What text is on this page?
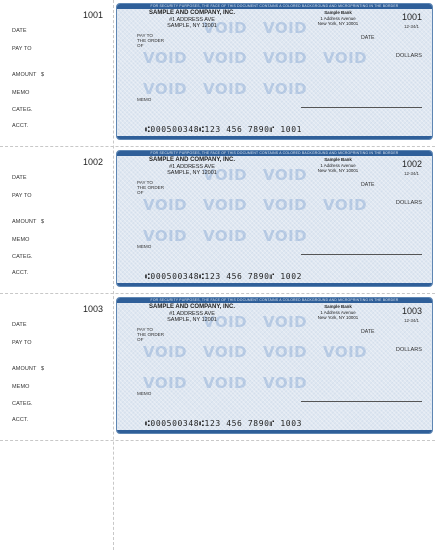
1001
DATE
PAY TO
AMOUNT $
MEMO
CATEG.
ACCT.
FOR SECURITY PURPOSES, THE FACE OF THIS DOCUMENT CONTAINS A COLORED BACKGROUND AND MICROPRINTING IN THE BORDER
VOID VOID VOID
VOID VOID
VOID VOID VOID
VOID
SAMPLE AND COMPANY, INC.
#1 ADDRESS AVE
SAMPLE, NY 12001
Sample Bank
1 Address Avenue
New York, NY 10001
1001
12-34/1
DATE
PAY TO
THE ORDER
OF
DOLLARS
MEMO
⑆000500348⑆123 456 7890⑈ 1001
1002
DATE
PAY TO
AMOUNT $
MEMO
CATEG.
ACCT.
FOR SECURITY PURPOSES, THE FACE OF THIS DOCUMENT CONTAINS A COLORED BACKGROUND AND MICROPRINTING IN THE BORDER
VOID VOID VOID
VOID VOID
VOID VOID VOID
VOID
SAMPLE AND COMPANY, INC.
#1 ADDRESS AVE
SAMPLE, NY 12001
Sample Bank
1 Address Avenue
New York, NY 10001
1002
12-34/1
DATE
PAY TO
THE ORDER
OF
DOLLARS
MEMO
⑆000500348⑆123 456 7890⑈ 1002
1003
DATE
PAY TO
AMOUNT $
MEMO
CATEG.
ACCT.
FOR SECURITY PURPOSES, THE FACE OF THIS DOCUMENT CONTAINS A COLORED BACKGROUND AND MICROPRINTING IN THE BORDER
VOID VOID VOID
VOID VOID
VOID VOID VOID
VOID
SAMPLE AND COMPANY, INC.
#1 ADDRESS AVE
SAMPLE, NY 12001
Sample Bank
1 Address Avenue
New York, NY 10001
1003
12-34/1
DATE
PAY TO
THE ORDER
OF
DOLLARS
MEMO
⑆000500348⑆123 456 7890⑈ 1003
